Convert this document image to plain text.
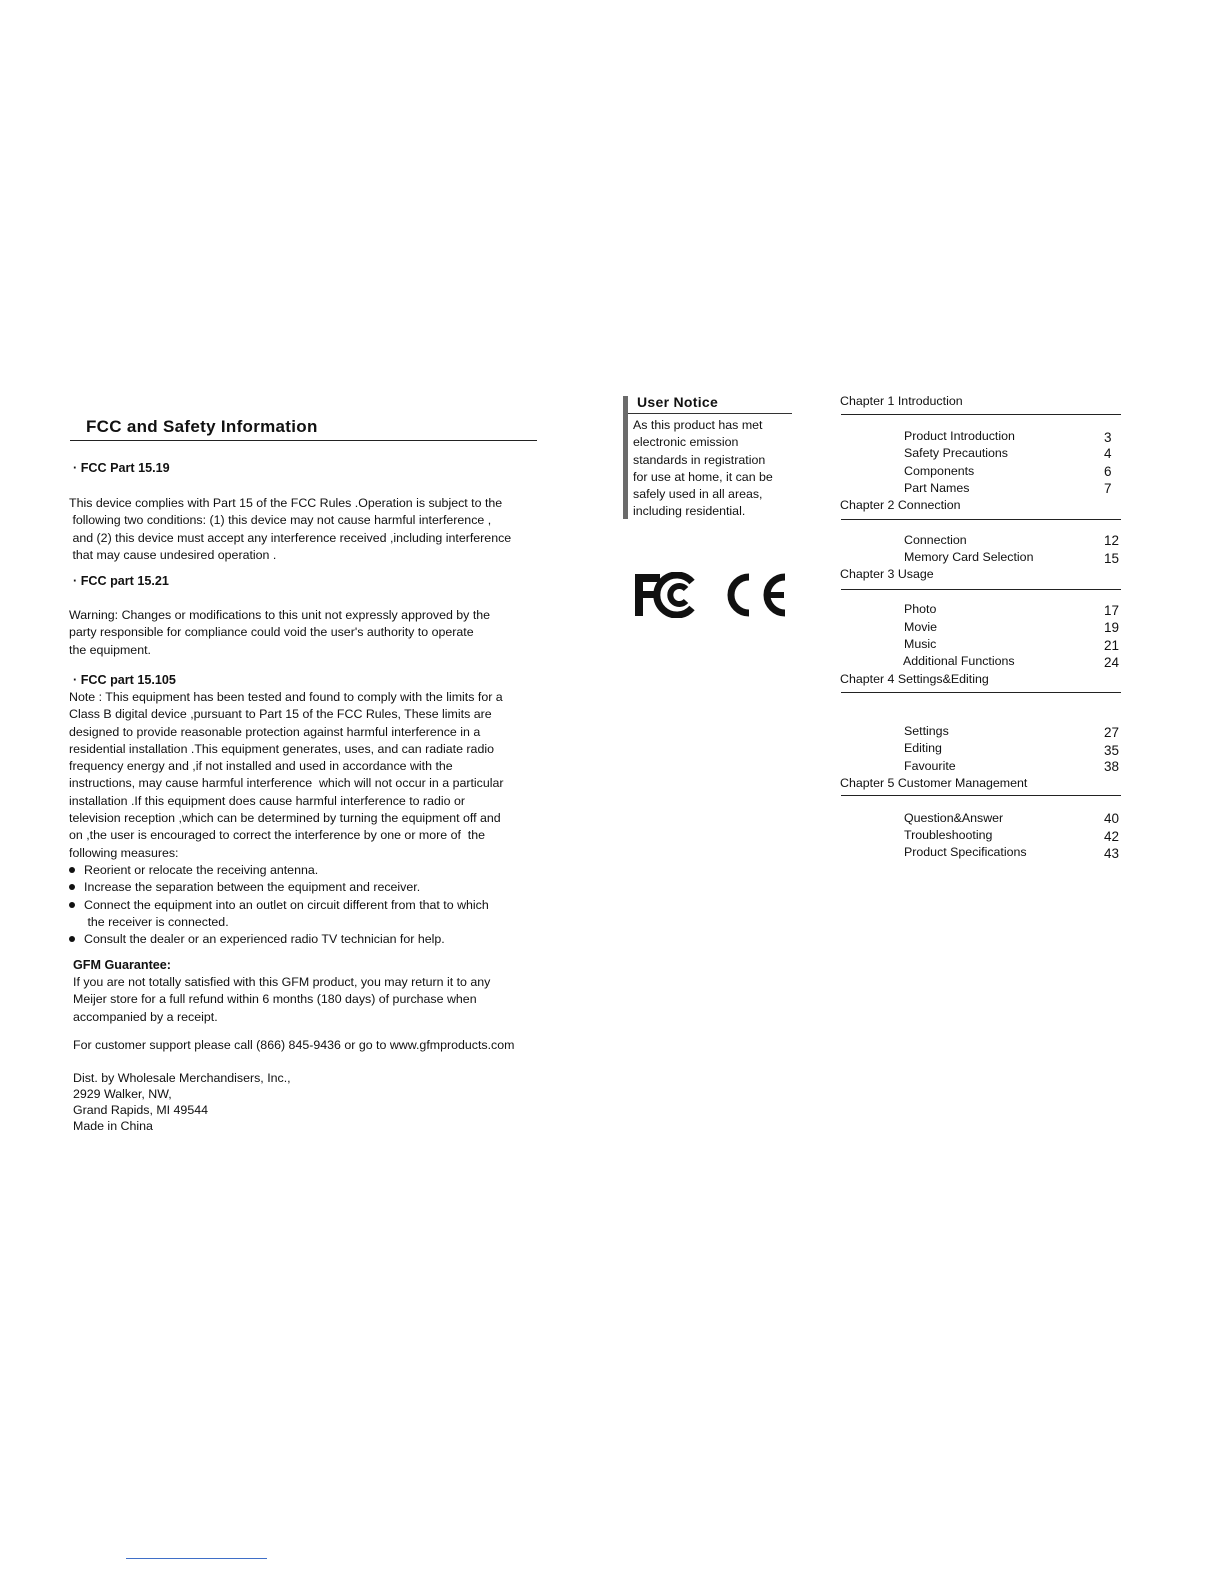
FCC and Safety Information
· FCC Part 15.19

This device complies with Part 15 of the FCC Rules .Operation is subject to the
following two conditions: (1) this device may not cause harmful interference ,
and (2) this device must accept any interference received ,including interference
that may cause undesired operation .

· FCC part 15.21

Warning: Changes or modifications to this unit not expressly approved by the
party responsible for compliance could void the user's authority to operate
the equipment.

· FCC part 15.105

Note : This equipment has been tested and found to comply with the limits for a
Class B digital device ,pursuant to Part 15 of the FCC Rules, These limits are
designed to provide reasonable protection against harmful interference in a
residential installation .This equipment generates, uses, and can radiate radio
frequency energy and ,if not installed and used in accordance with the
instructions, may cause harmful interference  which will not occur in a particular
installation .If this equipment does cause harmful interference to radio or
television reception ,which can be determined by turning the equipment off and
on ,the user is encouraged to correct the interference by one or more of  the
following measures:

Reorient or relocate the receiving antenna.
Increase the separation between the equipment and receiver.
Connect the equipment into an outlet on circuit different from that to which
the receiver is connected.
Consult the dealer or an experienced radio TV technician for help.
GFM Guarantee:

If you are not totally satisfied with this GFM product, you may return it to any
Meijer store for a full refund within 6 months (180 days) of purchase when
accompanied by a receipt.

For customer support please call (866) 845-9436 or go to www.gfmproducts.com

Dist. by Wholesale Merchandisers, Inc.,
2929 Walker, NW,
Grand Rapids, MI 49544
Made in China

User Notice

As this product has met
electronic emission
standards in registration
for use at home, it can be
safely used in all areas,
including residential.

Chapter 1 Introduction
Product Introduction	3
Safety Precautions	4
Components	6
Part Names	7
Chapter 2 Connection
Connection	12
Memory Card Selection	15
Chapter 3 Usage
Photo	17
Movie	19
Music	21
Additional Functions	24
Chapter 4 Settings&Editing
Settings	27
Editing	35
Favourite	38
Chapter 5 Customer Management
Question&Answer	40
Troubleshooting	42
Product Specifications	43
